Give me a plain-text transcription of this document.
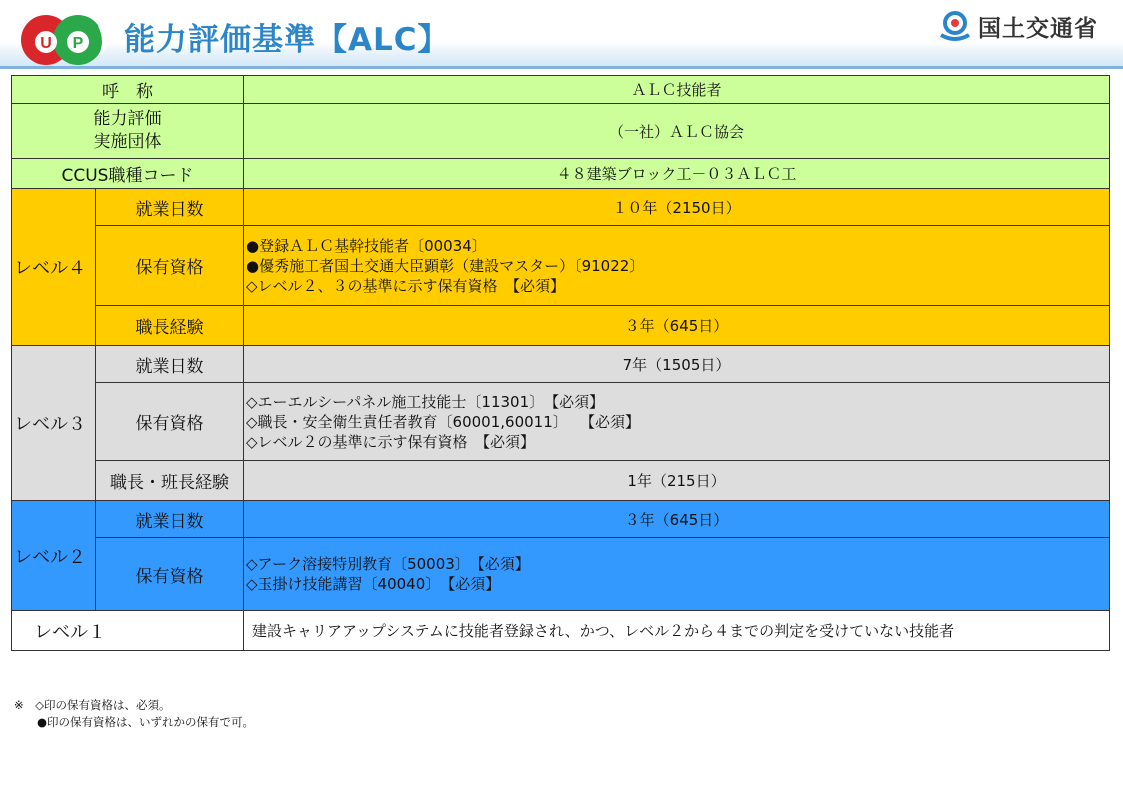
U P 能力評価基準【ALC】	国土交通省
呼　称		ＡＬＣ技能者
能力評価
実施団体		（一社）ＡＬＣ協会
CCUS職種コード		４８建築ブロック工－０３ＡＬＣ工
レベル４	就業日数	１０年（2150日）
	保有資格	●登録ＡＬＣ基幹技能者〔00034〕
●優秀施工者国土交通大臣顕彰（建設マスター）〔91022〕
◇レベル２、３の基準に示す保有資格　【必須】

	職長経験	３年（645日）
レベル３	就業日数	7年（1505日）
	保有資格	◇エーエルシーパネル施工技能士〔11301〕　【必須】
◇職長・安全衛生責任者教育〔60001,60011〕　 【必須】
◇レベル２の基準に示す保有資格　【必須】

	職長・班長経験	1年（215日）
レベル２	就業日数	３年（645日）
	保有資格	◇アーク溶接特別教育〔50003〕　【必須】
◇玉掛け技能講習〔40040〕　【必須】

レベル１		建設キャリアアップシステムに技能者登録され、かつ、レベル２から４までの判定を受けていない技能者
※　◇印の保有資格は、必須。
　　●印の保有資格は、いずれかの保有で可。
